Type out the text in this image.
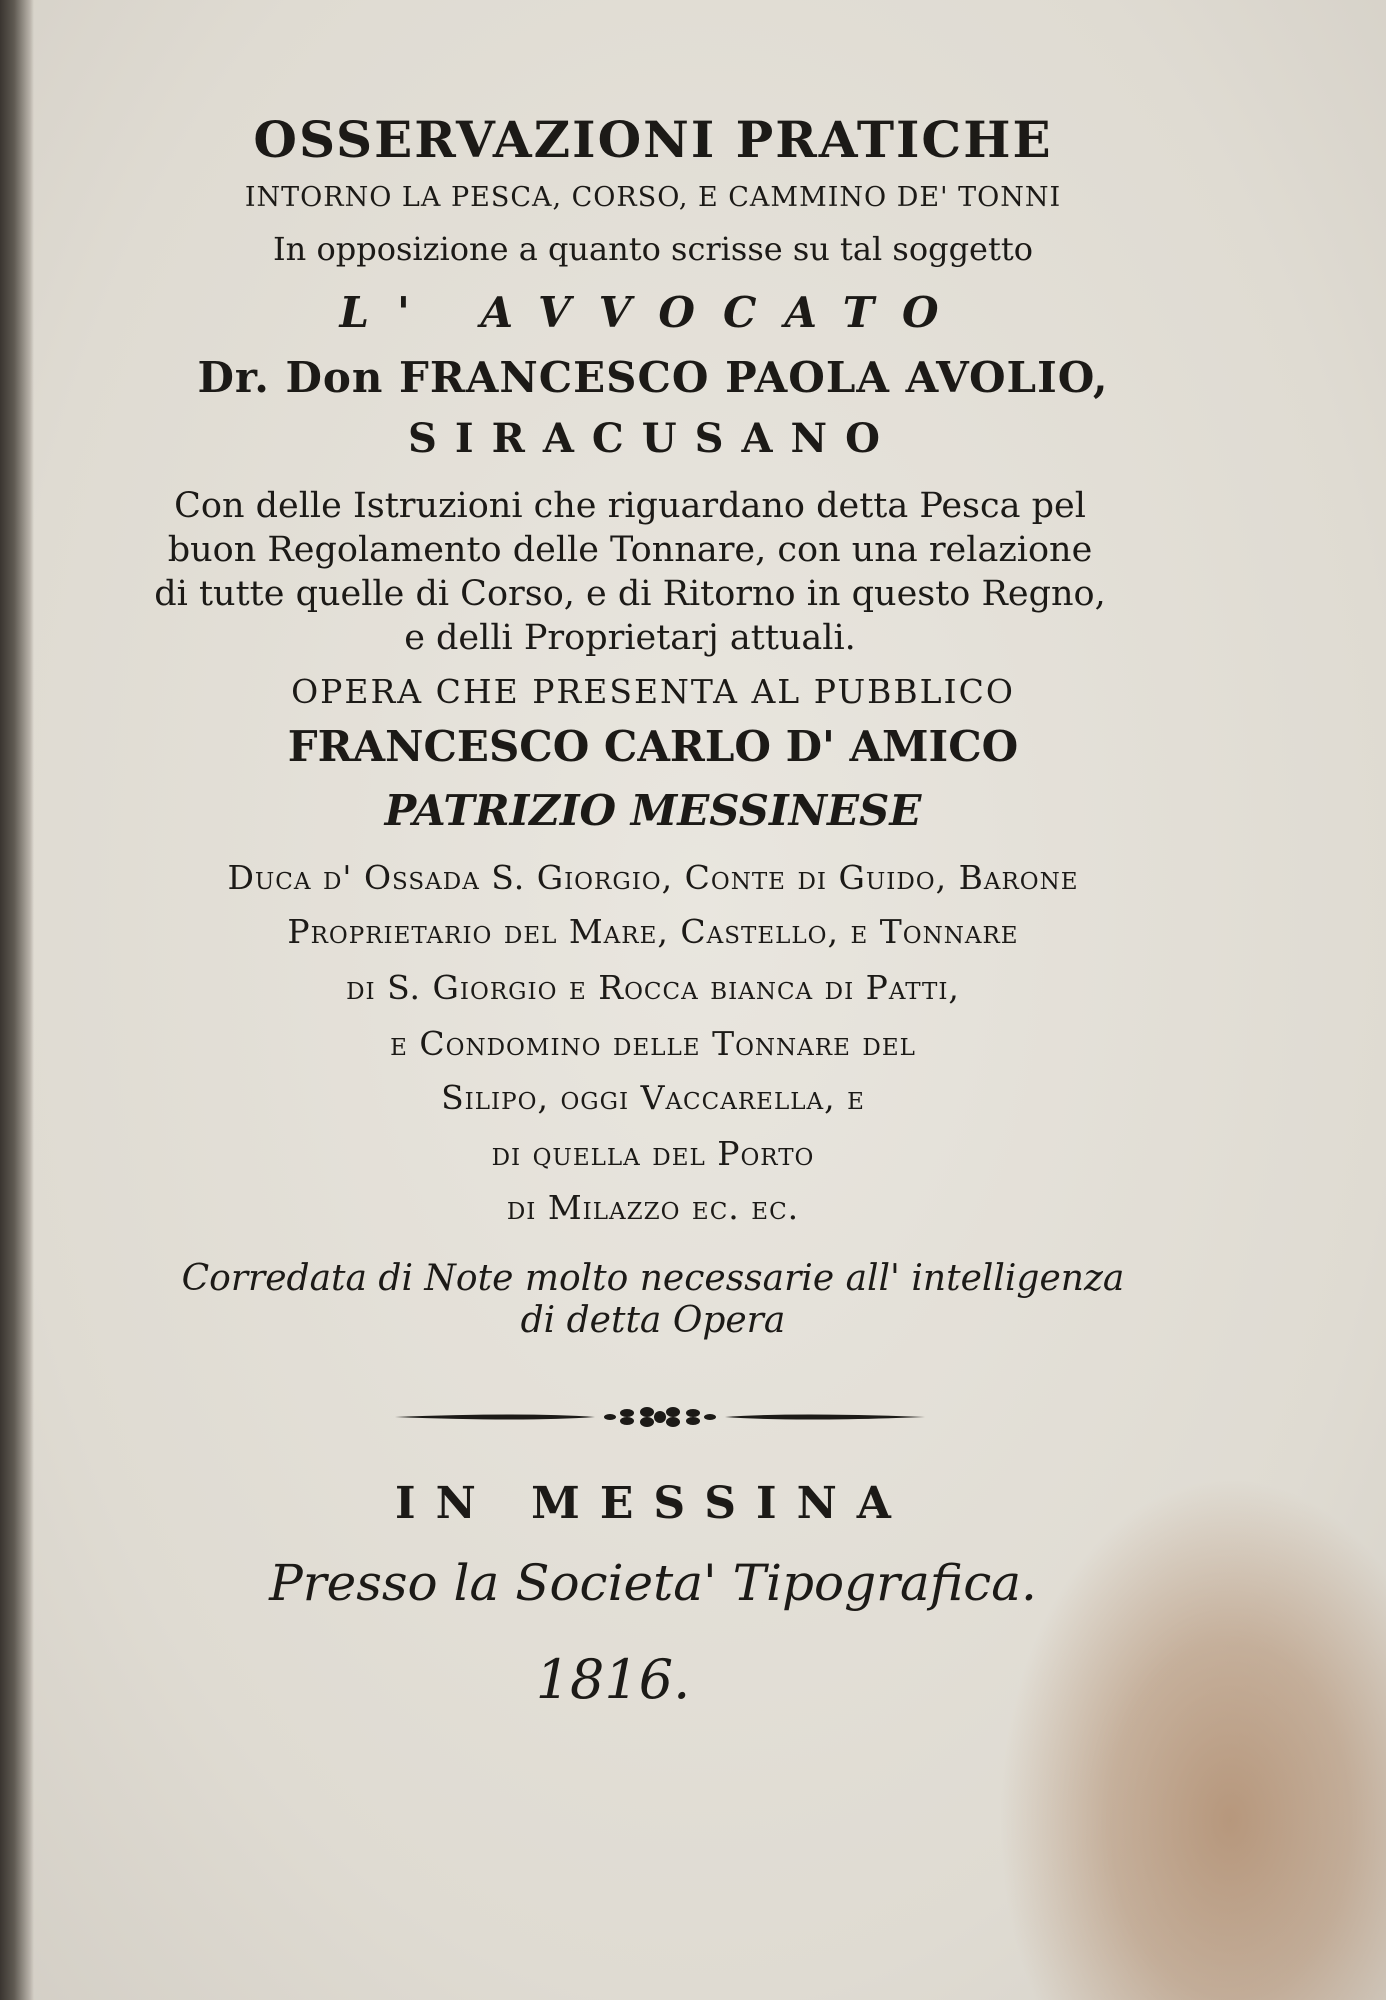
OSSERVAZIONI PRATICHE
INTORNO LA PESCA, CORSO, E CAMMINO DE' TONNI
In opposizione a quanto scrisse su tal soggetto
L' AVVOCATO
Dr. Don FRANCESCO PAOLA AVOLIO,
SIRACUSANO
Con delle Istruzioni che riguardano detta Pesca pel
buon Regolamento delle Tonnare, con una relazione
di tutte quelle di Corso, e di Ritorno in questo Regno,
e delli Proprietarj attuali.
OPERA CHE PRESENTA AL PUBBLICO
FRANCESCO CARLO D' AMICO
PATRIZIO MESSINESE
Duca d' Ossada S. Giorgio, Conte di Guido, Barone
Proprietario del Mare, Castello, e Tonnare
di S. Giorgio e Rocca bianca di Patti,
e Condomino delle Tonnare del
Silipo, oggi Vaccarella, e
di quella del Porto
di Milazzo ec. ec.
Corredata di Note molto necessarie all' intelligenza
di detta Opera
IN MESSINA
Presso la Societa' Tipografica.
1816.
